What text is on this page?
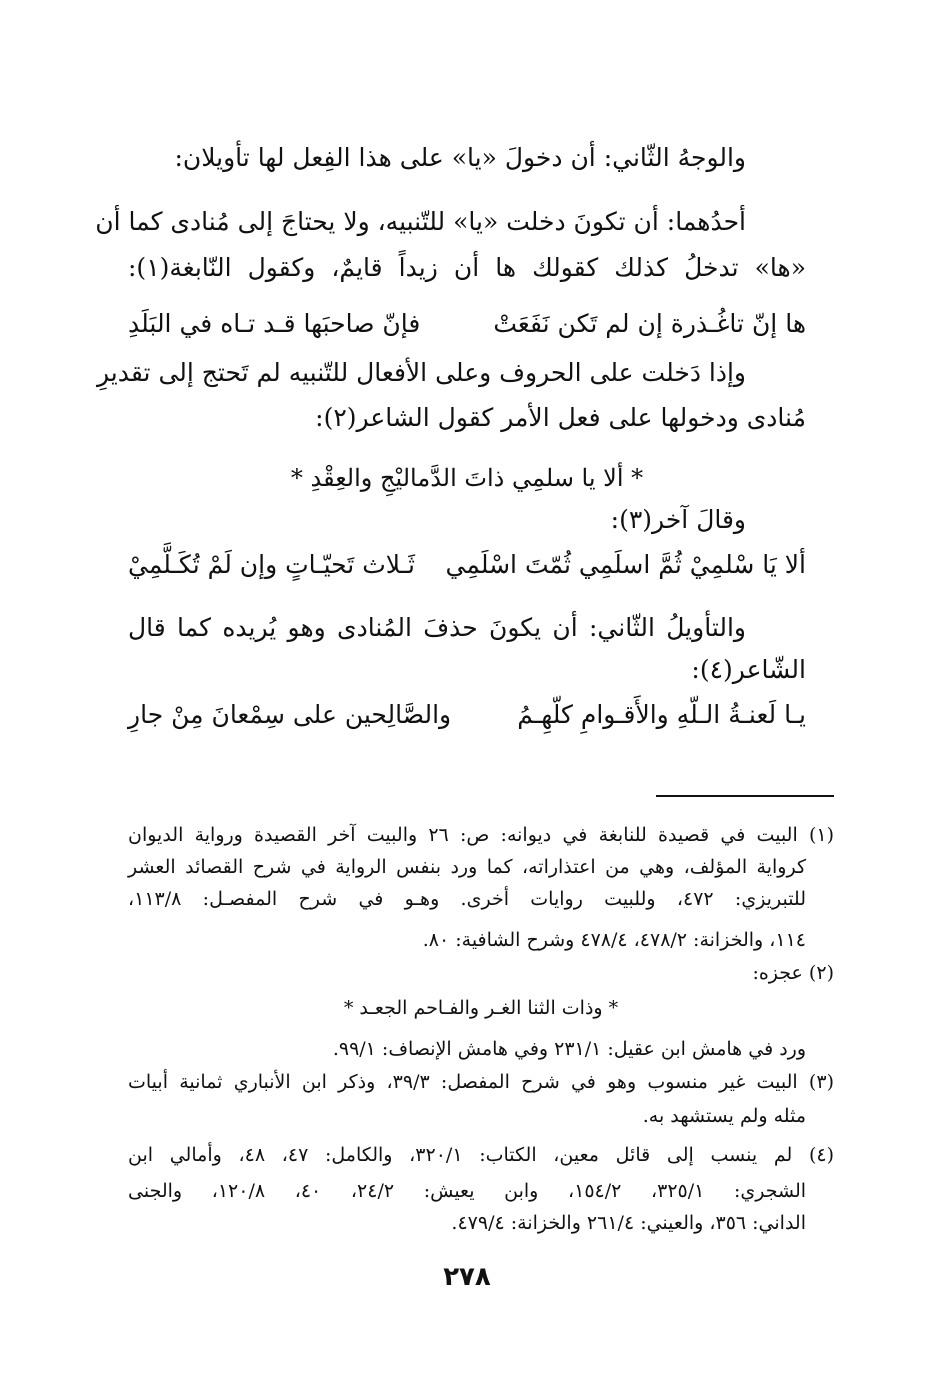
والوجهُ الثّاني: أن دخولَ «يا» على هذا الفِعل لها تأويلان:
أحدُهما: أن تكونَ دخلت «يا» للتّنبيه، ولا يحتاجَ إلى مُنادى كما أن
«ها» تدخلُ كذلك كقولك ها أن زيداً قايمٌ، وكقول النّابغة(١):
ها إنّ تاغُـذرة إن لم تَكن نَفَعَتْ
فإنّ صاحبَها قـد تـاه في البَلَدِ
وإذا دَخلت على الحروف وعلى الأفعال للتّنبيه لم تَحتج إلى تقديرِ
مُنادى ودخولها على فعل الأمر كقول الشاعر(٢):
* ألا يا سلمِي ذاتَ الدَّماليْجِ والعِقْدِ *
وقالَ آخر(٣):
ألا يَا سْلمِيْ ثُمَّ اسلَمِي ثُمّتَ اسْلَمِي
ثَـلاث تَحيّـاتٍ وإن لَمْ تُكَـلَّمِيْ
والتأويلُ الثّاني: أن يكونَ حذفَ المُنادى وهو يُريده كما قال
الشّاعر(٤):
يـا لَعنـةُ الـلّهِ والأَقـوامِ كلّهِـمُ
والصَّالِحين على سِمْعانَ مِنْ جارِ
(١) البيت في قصيدة للنابغة في ديوانه: ص: ٢٦ والبيت آخر القصيدة ورواية الديوان
كرواية المؤلف، وهي من اعتذاراته، كما ورد بنفس الرواية في شرح القصائد العشر
للتبريزي: ٤٧٢، وللبيت روايات أخرى. وهـو في شرح المفصـل: ١١٣/٨،
١١٤، والخزانة: ٤٧٨/٢، ٤٧٨/٤ وشرح الشافية: ٨٠.
(٢) عجزه:
* وذات الثنا الغـر والفـاحم الجعـد *
ورد في هامش ابن عقيل: ٢٣١/١ وفي هامش الإنصاف: ٩٩/١.
(٣) البيت غير منسوب وهو في شرح المفصل: ٣٩/٣، وذكر ابن الأنباري ثمانية أبيات
مثله ولم يستشهد به.
(٤) لم ينسب إلى قائل معين، الكتاب: ٣٢٠/١، والكامل: ٤٧، ٤٨، وأمالي ابن
الشجري: ٣٢٥/١، ١٥٤/٢، وابن يعيش: ٢٤/٢، ٤٠، ١٢٠/٨، والجنى
الداني: ٣٥٦، والعيني: ٢٦١/٤ والخزانة: ٤٧٩/٤.
٢٧٨
